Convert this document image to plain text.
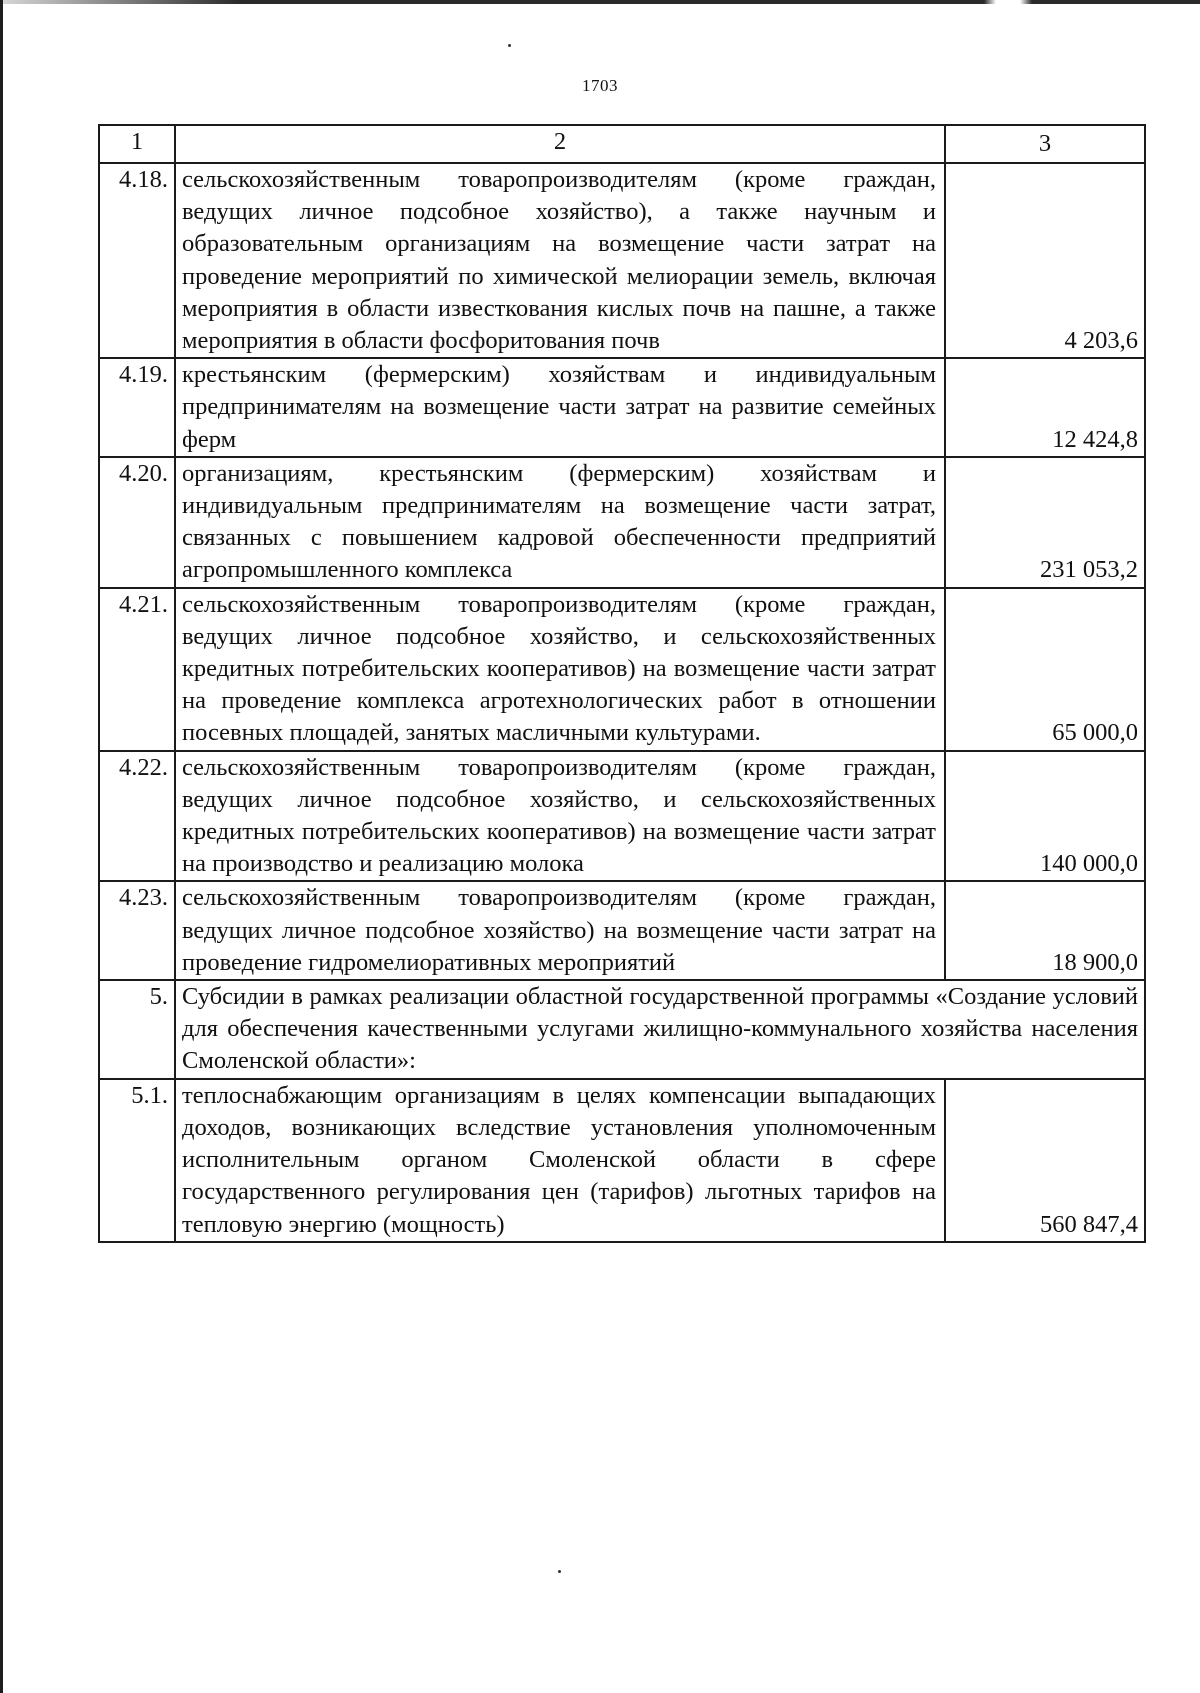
1703
1	2	3
4.18.	сельскохозяйственным товаропроизводителям (кроме граждан, ведущих личное подсобное хозяйство), а также научным и образовательным организациям на возмещение части затрат на проведение мероприятий по химической мелиорации земель, включая мероприятия в области известкования кислых почв на пашне, а также мероприятия в области фосфоритования почв	4 203,6
4.19.	крестьянским (фермерским) хозяйствам и индивидуальным предпринимателям на возмещение части затрат на развитие семейных ферм	12 424,8
4.20.	организациям, крестьянским (фермерским) хозяйствам и индивидуальным предпринимателям на возмещение части затрат, связанных с повышением кадровой обеспеченности предприятий агропромышленного комплекса	231 053,2
4.21.	сельскохозяйственным товаропроизводителям (кроме граждан, ведущих личное подсобное хозяйство, и сельскохозяйственных кредитных потребительских кооперативов) на возмещение части затрат на проведение комплекса агротехнологических работ в отношении посевных площадей, занятых масличными культурами.	65 000,0
4.22.	сельскохозяйственным товаропроизводителям (кроме граждан, ведущих личное подсобное хозяйство, и сельскохозяйственных кредитных потребительских кооперативов) на возмещение части затрат на производство и реализацию молока	140 000,0
4.23.	сельскохозяйственным товаропроизводителям (кроме граждан, ведущих личное подсобное хозяйство) на возмещение части затрат на проведение гидромелиоративных мероприятий	18 900,0
5.	Субсидии в рамках реализации областной государственной программы «Создание условий для обеспечения качественными услугами жилищно-коммунального хозяйства населения Смоленской области»:	
5.1.	теплоснабжающим организациям в целях компенсации выпадающих доходов, возникающих вследствие установления уполномоченным исполнительным органом Смоленской области в сфере государственного регулирования цен (тарифов) льготных тарифов на тепловую энергию (мощность)	560 847,4
